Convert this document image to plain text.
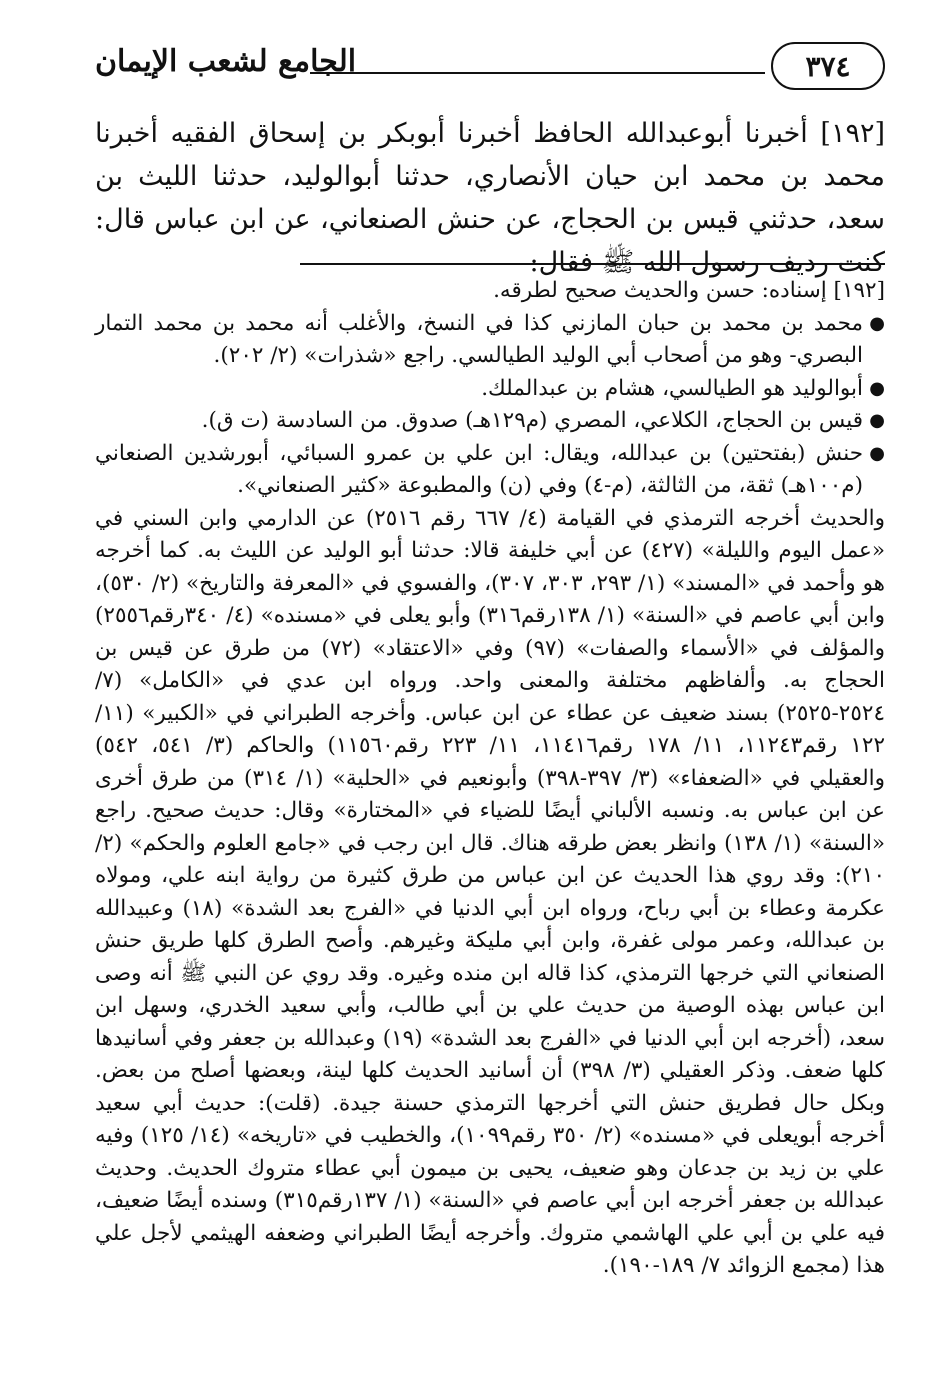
الجامع لشعب الإيمان	٣٧٤
[١٩٢] أخبرنا أبوعبدالله الحافظ أخبرنا أبوبكر بن إسحاق الفقيه أخبرنا محمد بن محمد ابن حيان الأنصاري، حدثنا أبوالوليد، حدثنا الليث بن سعد، حدثني قيس بن الحجاج، عن حنش الصنعاني، عن ابن عباس قال: كنت رديف رسول الله ﷺ فقال:

[١٩٢] إسناده: حسن والحديث صحيح لطرقه.

●
محمد بن محمد بن حبان المازني كذا في النسخ، والأغلب أنه محمد بن محمد التمار البصري- وهو من أصحاب أبي الوليد الطيالسي. راجع «شذرات» (٢/ ٢٠٢).
●
أبوالوليد هو الطيالسي، هشام بن عبدالملك.
●
قيس بن الحجاج، الكلاعي، المصري (م١٢٩هـ) صدوق. من السادسة (ت ق).
●
حنش (بفتحتين) بن عبدالله، ويقال: ابن علي بن عمرو السبائي، أبورشدين الصنعاني (م١٠٠هـ) ثقة، من الثالثة، (م-٤) وفي (ن) والمطبوعة «كثير الصنعاني».

والحديث أخرجه الترمذي في القيامة (٤/ ٦٦٧ رقم ٢٥١٦) عن الدارمي وابن السني في «عمل اليوم والليلة» (٤٢٧) عن أبي خليفة قالا: حدثنا أبو الوليد عن الليث به. كما أخرجه هو وأحمد في «المسند» (١/ ٢٩٣، ٣٠٣، ٣٠٧)، والفسوي في «المعرفة والتاريخ» (٢/ ٥٣٠)، وابن أبي عاصم في «السنة» (١/ ١٣٨رقم٣١٦) وأبو يعلى في «مسنده» (٤/ ٣٤٠رقم٢٥٥٦) والمؤلف في «الأسماء والصفات» (٩٧) وفي «الاعتقاد» (٧٢) من طرق عن قيس بن الحجاج به. وألفاظهم مختلفة والمعنى واحد. ورواه ابن عدي في «الكامل» (٧/ ٢٥٢٤-٢٥٢٥) بسند ضعيف عن عطاء عن ابن عباس. وأخرجه الطبراني في «الكبير» (١١/ ١٢٢ رقم١١٢٤٣، ١١/ ١٧٨ رقم١١٤١٦، ١١/ ٢٢٣ رقم١١٥٦٠) والحاكم (٣/ ٥٤١، ٥٤٢) والعقيلي في «الضعفاء» (٣/ ٣٩٧-٣٩٨) وأبونعيم في «الحلية» (١/ ٣١٤) من طرق أخرى عن ابن عباس به. ونسبه الألباني أيضًا للضياء في «المختارة» وقال: حديث صحيح. راجع «السنة» (١/ ١٣٨) وانظر بعض طرقه هناك. قال ابن رجب في «جامع العلوم والحكم» (٢/ ٢١٠): وقد روي هذا الحديث عن ابن عباس من طرق كثيرة من رواية ابنه علي، ومولاه عكرمة وعطاء بن أبي رباح، ورواه ابن أبي الدنيا في «الفرج بعد الشدة» (١٨) وعبيدالله بن عبدالله، وعمر مولى غفرة، وابن أبي مليكة وغيرهم. وأصح الطرق كلها طريق حنش الصنعاني التي خرجها الترمذي، كذا قاله ابن منده وغيره. وقد روي عن النبي ﷺ أنه وصى ابن عباس بهذه الوصية من حديث علي بن أبي طالب، وأبي سعيد الخدري، وسهل ابن سعد، (أخرجه ابن أبي الدنيا في «الفرج بعد الشدة» (١٩) وعبدالله بن جعفر وفي أسانيدها كلها ضعف. وذكر العقيلي (٣/ ٣٩٨) أن أسانيد الحديث كلها لينة، وبعضها أصلح من بعض. وبكل حال فطريق حنش التي أخرجها الترمذي حسنة جيدة. (قلت): حديث أبي سعيد أخرجه أبويعلى في «مسنده» (٢/ ٣٥٠ رقم١٠٩٩)، والخطيب في «تاريخه» (١٤/ ١٢٥) وفيه علي بن زيد بن جدعان وهو ضعيف، يحيى بن ميمون أبي عطاء متروك الحديث. وحديث عبدالله بن جعفر أخرجه ابن أبي عاصم في «السنة» (١/ ١٣٧رقم٣١٥) وسنده أيضًا ضعيف، فيه علي بن أبي علي الهاشمي متروك. وأخرجه أيضًا الطبراني وضعفه الهيثمي لأجل علي هذا (مجمع الزوائد ٧/ ١٨٩-١٩٠).
